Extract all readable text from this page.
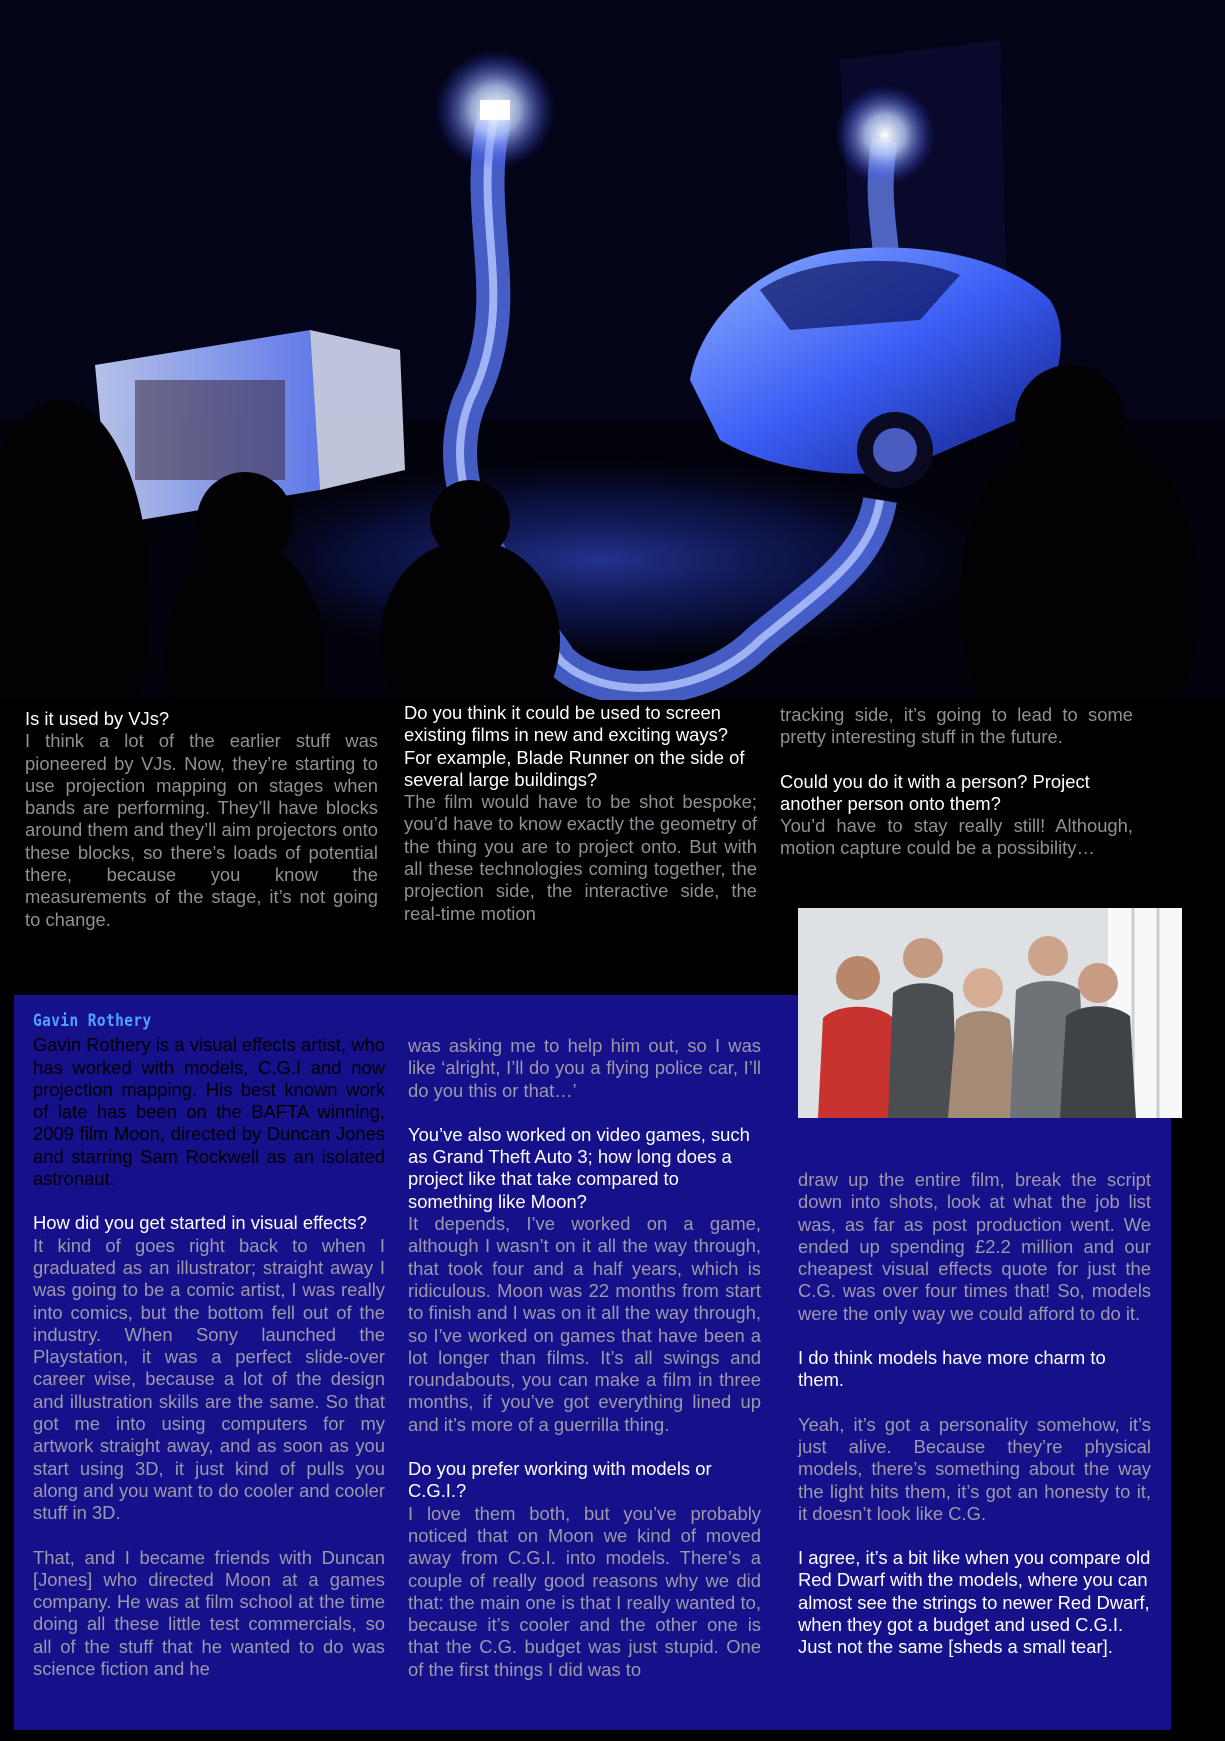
Is it used by VJs?

I think a lot of the earlier stuff was pioneered by VJs. Now, they’re starting to use projection mapping on stages when bands are performing. They’ll have blocks around them and they’ll aim projectors onto these blocks, so there’s loads of potential there, because you know the measurements of the stage, it’s not going to change.

Do you think it could be used to screen existing films in new and exciting ways? For example, Blade Runner on the side of several large buildings?

The film would have to be shot bespoke; you’d have to know exactly the geometry of the thing you are to project onto. But with all these technologies coming together, the projection side, the interactive side, the real-time motion

tracking side, it’s going to lead to some pretty interesting stuff in the future.

Could you do it with a person? Project another person onto them?

You’d have to stay really still! Although, motion capture could be a possibility…

Gavin Rothery

Gavin Rothery is a visual effects artist, who has worked with models, C.G.I and now projection mapping. His best known work of late has been on the BAFTA winning, 2009 film Moon, directed by Duncan Jones and starring Sam Rockwell as an isolated astronaut.

How did you get started in visual effects?

It kind of goes right back to when I graduated as an illustrator; straight away I was going to be a comic artist, I was really into comics, but the bottom fell out of the industry. When Sony launched the Playstation, it was a perfect slide-over career wise, because a lot of the design and illustration skills are the same. So that got me into using computers for my artwork straight away, and as soon as you start using 3D, it just kind of pulls you along and you want to do cooler and cooler stuff in 3D.

That, and I became friends with Duncan [Jones] who directed Moon at a games company. He was at film school at the time doing all these little test commercials, so all of the stuff that he wanted to do was science fiction and he

was asking me to help him out, so I was like ‘alright, I’ll do you a flying police car, I’ll do you this or that…’

You’ve also worked on video games, such as Grand Theft Auto 3; how long does a project like that take compared to something like Moon?

It depends, I’ve worked on a game, although I wasn’t on it all the way through, that took four and a half years, which is ridiculous. Moon was 22 months from start to finish and I was on it all the way through, so I’ve worked on games that have been a lot longer than films. It’s all swings and roundabouts, you can make a film in three months, if you’ve got everything lined up and it’s more of a guerrilla thing.

Do you prefer working with models or C.G.I.?

I love them both, but you’ve probably noticed that on Moon we kind of moved away from C.G.I. into models. There’s a couple of really good reasons why we did that: the main one is that I really wanted to, because it’s cooler and the other one is that the C.G. budget was just stupid. One of the first things I did was to

draw up the entire film, break the script down into shots, look at what the job list was, as far as post production went. We ended up spending £2.2 million and our cheapest visual effects quote for just the C.G. was over four times that! So, models were the only way we could afford to do it.

I do think models have more charm to them.

Yeah, it’s got a personality somehow, it’s just alive. Because they’re physical models, there’s something about the way the light hits them, it’s got an honesty to it, it doesn’t look like C.G.

I agree, it’s a bit like when you compare old Red Dwarf with the models, where you can almost see the strings to newer Red Dwarf, when they got a budget and used C.G.I. Just not the same [sheds a small tear].
